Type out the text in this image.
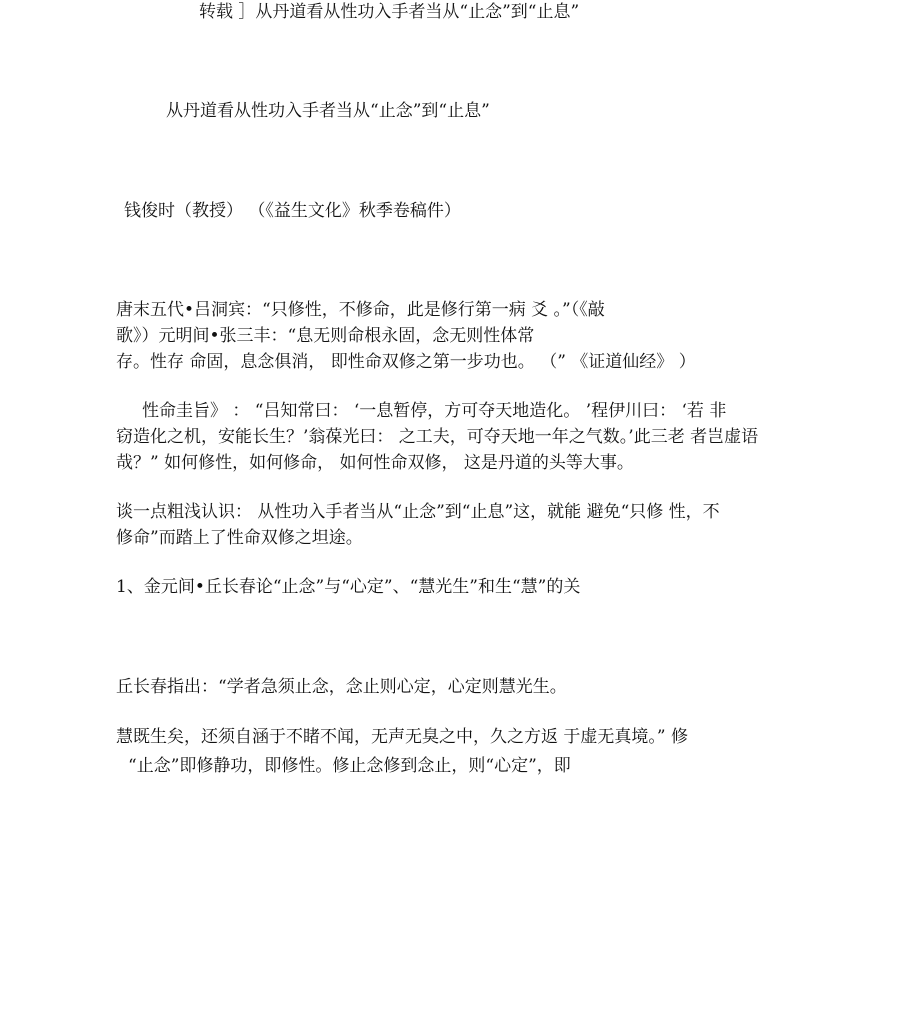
转载 ］从丹道看从性功入手者当从“止念”到“止息”
从丹道看从性功入手者当从“止念”到“止息”
钱俊时（教授） （《益生文化》秋季卷稿件）
唐末五代•吕洞宾：“只修性，不修命，此是修行第一病 爻 。”（《敲
歌》）元明间•张三丰：“息无则命根永固，念无则性体常
存。性存 命固，息念俱消， 即性命双修之第一步功也。 （” 《证道仙经》 ）
性命圭旨》 ： “吕知常曰： ‘一息暂停，方可夺天地造化。 ’程伊川曰： ‘若 非
窃造化之机，安能长生？’翁葆光曰： 之工夫，可夺天地一年之气数。’此三老 者岂虚语
哉？” 如何修性，如何修命， 如何性命双修， 这是丹道的头等大事。
谈一点粗浅认识： 从性功入手者当从“止念”到“止息”这，就能 避免“只修 性，不
修命”而踏上了性命双修之坦途。
1、金元间•丘长春论“止念”与“心定”、“慧光生”和生“慧”的关
丘长春指出：“学者急须止念，念止则心定，心定则慧光生。
慧既生矣，还须自涵于不睹不闻，无声无臭之中，久之方返 于虚无真境。” 修
“止念”即修静功，即修性。修止念修到念止，则“心定”，即
